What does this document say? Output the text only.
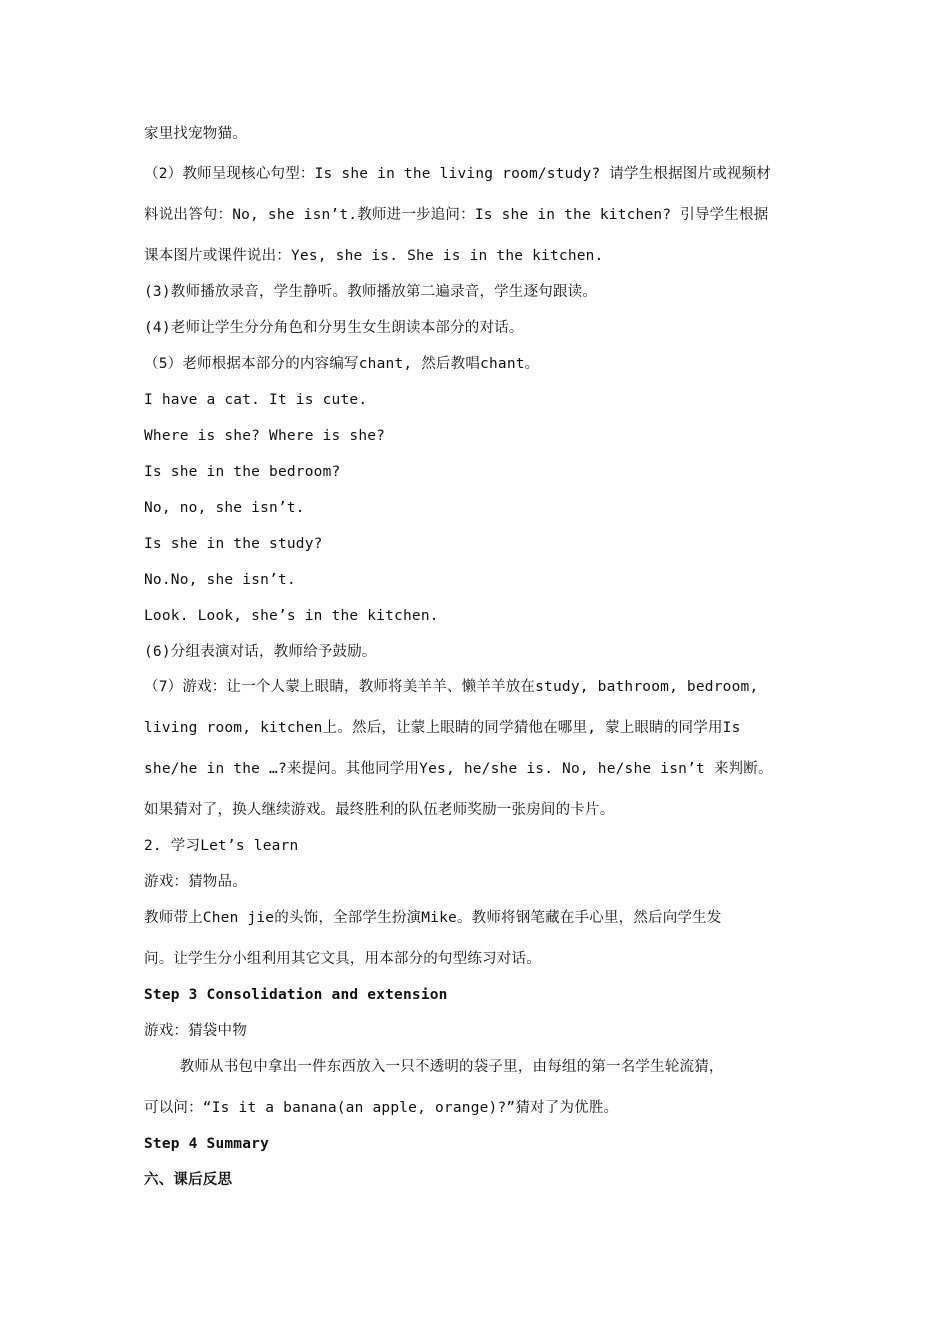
家里找宠物猫。
（2）教师呈现核心句型：Is she in the living room/study? 请学生根据图片或视频材
料说出答句：No, she isn’t.教师进一步追问：Is she in the kitchen? 引导学生根据
课本图片或课件说出：Yes, she is. She is in the kitchen.
(3)教师播放录音，学生静听。教师播放第二遍录音，学生逐句跟读。
(4)老师让学生分分角色和分男生女生朗读本部分的对话。
（5）老师根据本部分的内容编写chant, 然后教唱chant。
I have a cat. It is cute.
Where is she? Where is she?
Is she in the bedroom?
No, no, she isn’t.
Is she in the study?
No.No, she isn’t.
Look. Look, she’s in the kitchen.
(6)分组表演对话，教师给予鼓励。
（7）游戏：让一个人蒙上眼睛，教师将美羊羊、懒羊羊放在study, bathroom, bedroom,
living room, kitchen上。然后，让蒙上眼睛的同学猜他在哪里, 蒙上眼睛的同学用Is
she/he in the …?来提问。其他同学用Yes, he/she is. No, he/she isn’t 来判断。
如果猜对了，换人继续游戏。最终胜利的队伍老师奖励一张房间的卡片。
2. 学习Let’s learn
游戏：猜物品。
教师带上Chen jie的头饰，全部学生扮演Mike。教师将钢笔藏在手心里，然后向学生发
问。让学生分小组利用其它文具，用本部分的句型练习对话。
Step 3 Consolidation and extension
游戏：猜袋中物
教师从书包中拿出一件东西放入一只不透明的袋子里，由每组的第一名学生轮流猜，
可以问：“Is it a banana(an apple, orange)?”猜对了为优胜。
Step 4 Summary
六、课后反思
